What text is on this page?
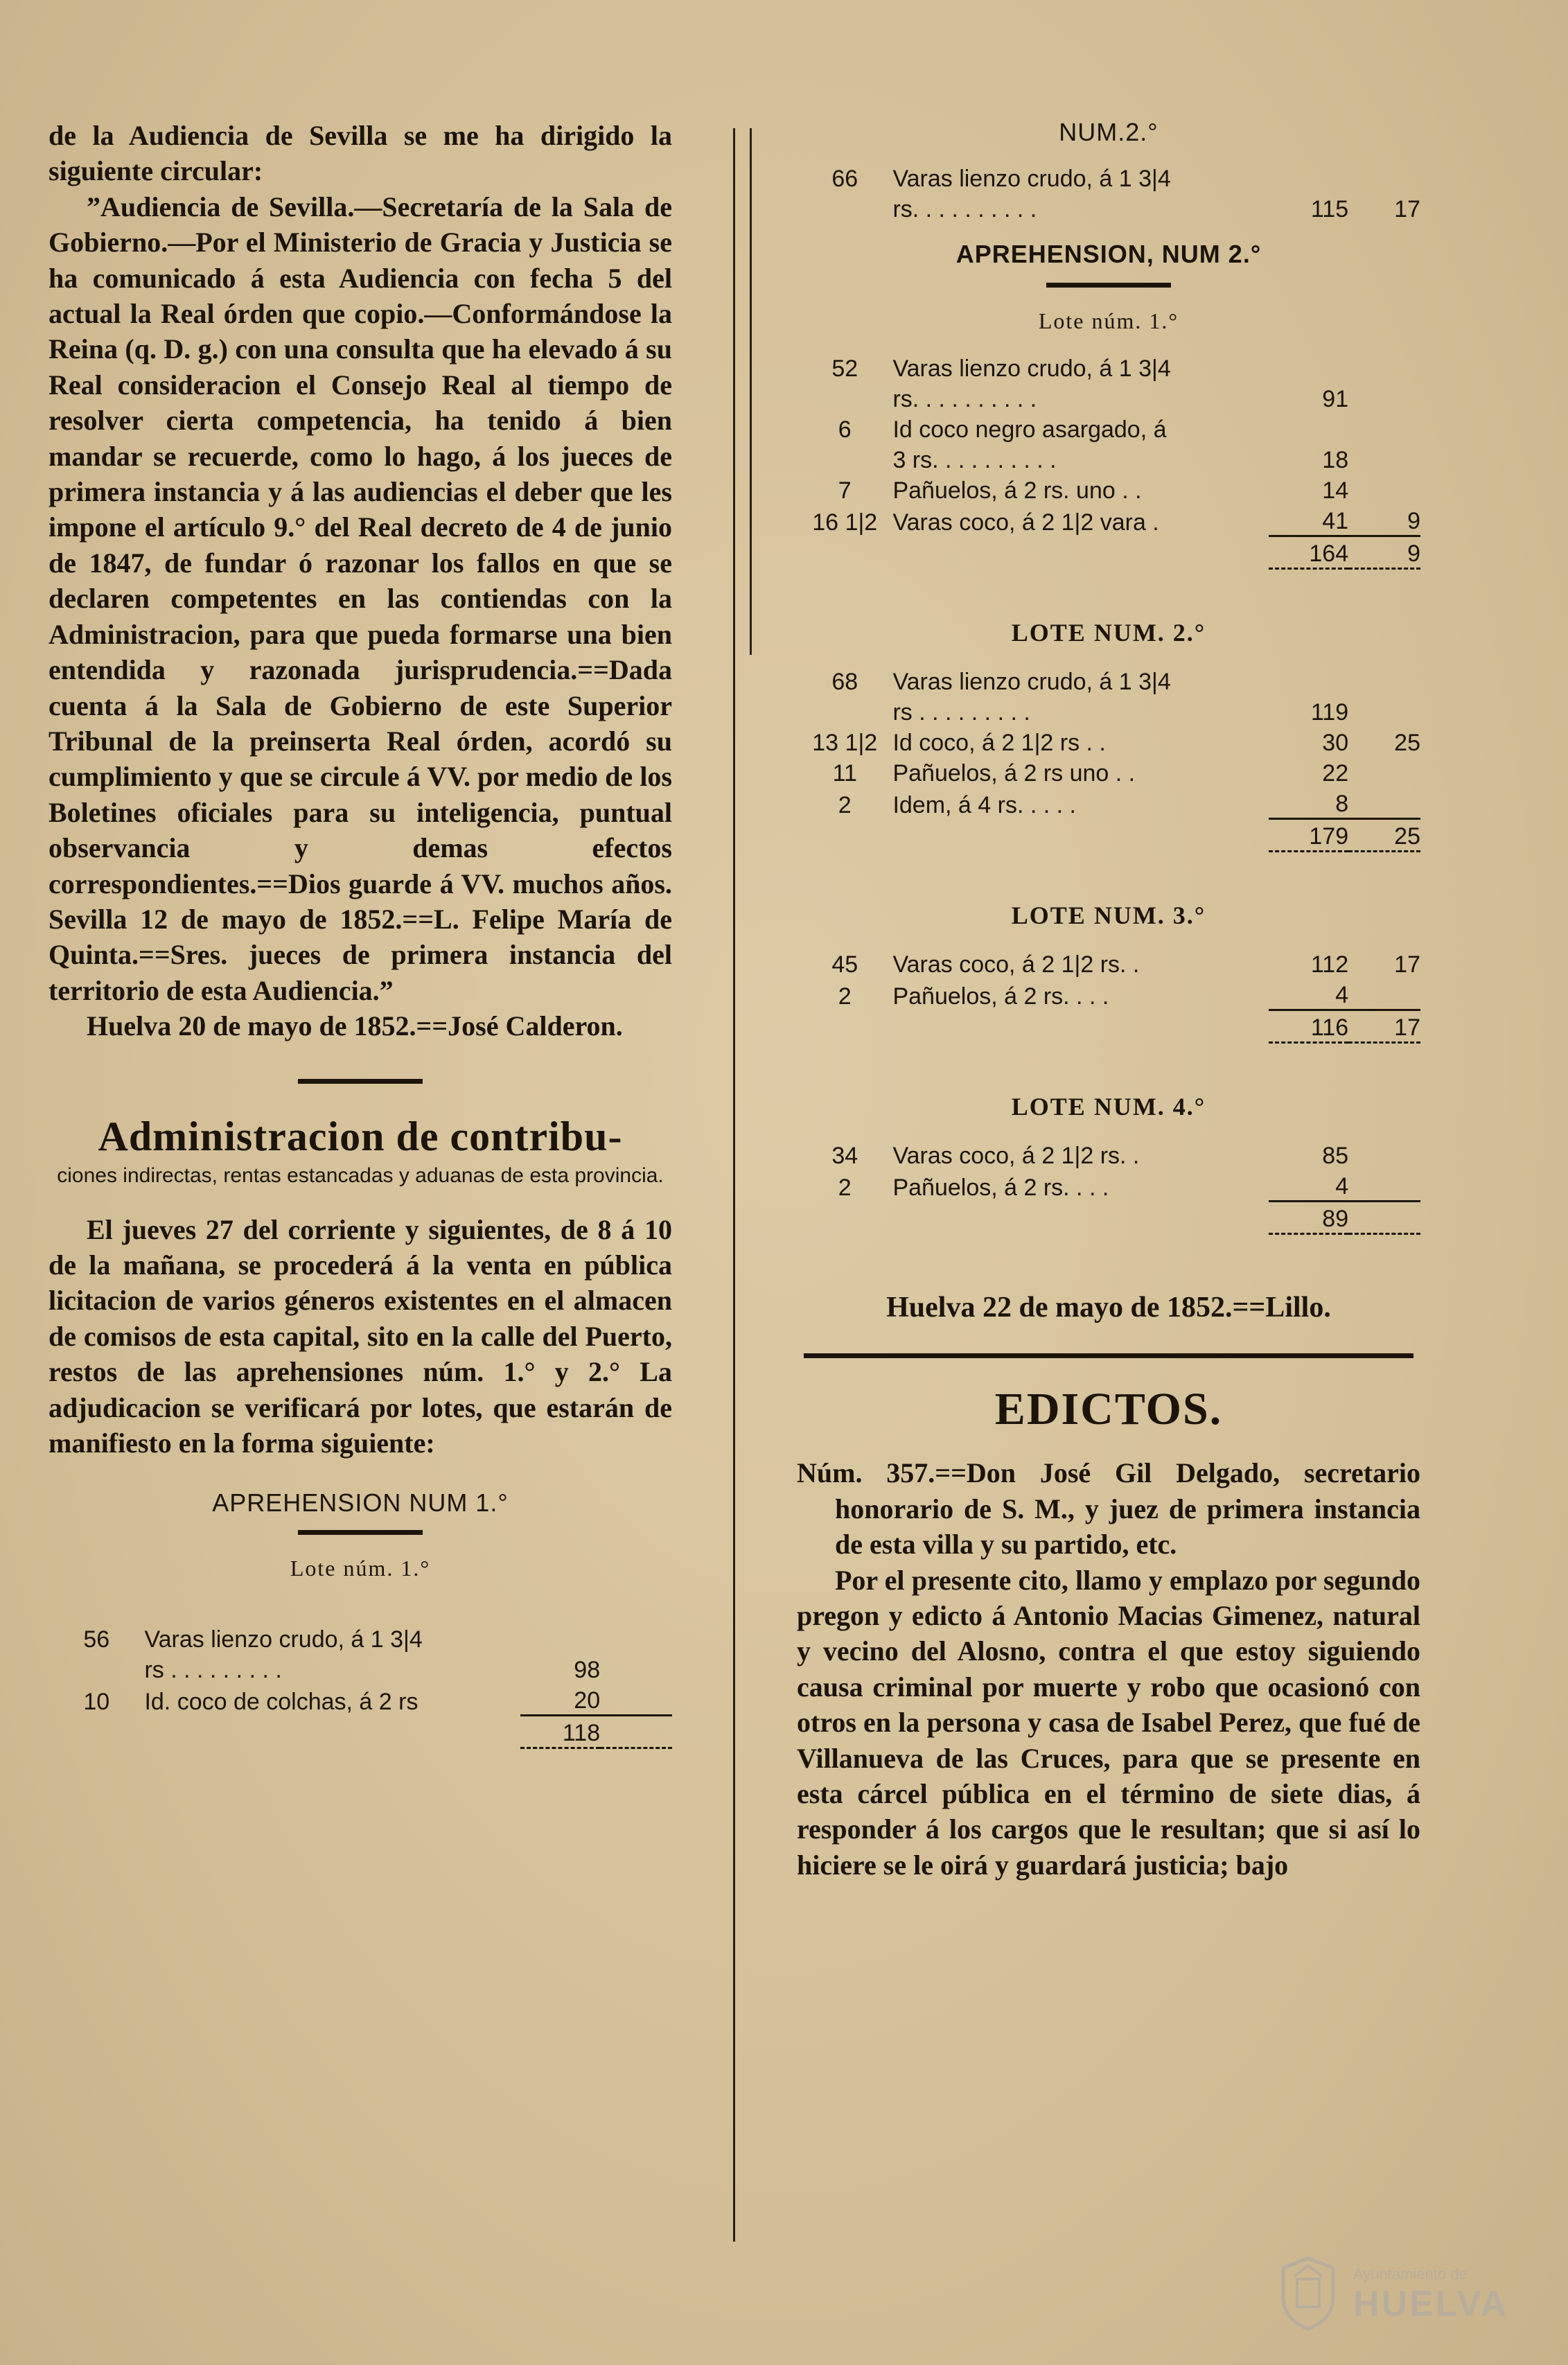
de la Audiencia de Sevilla se me ha dirigido la siguiente circular:

”Audiencia de Sevilla.—Secretaría de la Sala de Gobierno.—Por el Ministerio de Gracia y Justicia se ha comunicado á esta Audiencia con fecha 5 del actual la Real órden que copio.—Conformándose la Reina (q. D. g.) con una consulta que ha elevado á su Real consideracion el Consejo Real al tiempo de resolver cierta competencia, ha tenido á bien mandar se recuerde, como lo hago, á los jueces de primera instancia y á las audiencias el deber que les impone el artículo 9.° del Real decreto de 4 de junio de 1847, de fundar ó razonar los fallos en que se declaren competentes en las contiendas con la Administracion, para que pueda formarse una bien entendida y razonada jurisprudencia.==Dada cuenta á la Sala de Gobierno de este Superior Tribunal de la preinserta Real órden, acordó su cumplimiento y que se circule á VV. por medio de los Boletines oficiales para su inteligencia, puntual observancia y demas efectos correspondientes.==Dios guarde á VV. muchos años. Sevilla 12 de mayo de 1852.==L. Felipe María de Quinta.==Sres. jueces de primera instancia del territorio de esta Audiencia.”

Huelva 20 de mayo de 1852.==José Calderon.

Administracion de contribu-

ciones indirectas, rentas estancadas y aduanas de esta provincia.

El jueves 27 del corriente y siguientes, de 8 á 10 de la mañana, se procederá á la venta en pública licitacion de varios géneros existentes en el almacen de comisos de esta capital, sito en la calle del Puerto, restos de las aprehensiones núm. 1.° y 2.° La adjudicacion se verificará por lotes, que estarán de manifiesto en la forma siguiente:

APREHENSION NUM 1.°

Lote núm. 1.°

56	Varas lienzo crudo, á 1 3|4		
	rs . . . . . . . . .	98	
10	Id. coco de colchas, á 2 rs	20	
		118	

NUM.2.°

66	Varas lienzo crudo, á 1 3|4		
	rs. . . . . . . . . .	115	17

APREHENSION, NUM 2.°

Lote núm. 1.°

52	Varas lienzo crudo, á 1 3|4		
	rs. . . . . . . . . .	91	
6	Id coco negro asargado, á		
	3 rs. . . . . . . . . .	18	
7	Pañuelos, á 2 rs. uno . .	14	
16 1|2	Varas coco, á 2 1|2 vara .	41	9
		164	9

LOTE NUM. 2.°

68	Varas lienzo crudo, á 1 3|4		
	rs . . . . . . . . .	119	
13 1|2	Id coco, á 2 1|2 rs . .	30	25
11	Pañuelos, á 2 rs uno . .	22	
2	Idem, á 4 rs. . . . .	8	
		179	25

LOTE NUM. 3.°

45	Varas coco, á 2 1|2 rs. .	112	17
2	Pañuelos, á 2 rs. . . .	4	
		116	17

LOTE NUM. 4.°

34	Varas coco, á 2 1|2 rs. .	85	
2	Pañuelos, á 2 rs. . . .	4	
		89	

Huelva 22 de mayo de 1852.==Lillo.

EDICTOS.

Núm. 357.==Don José Gil Delgado, secretario honorario de S. M., y juez de primera instancia de esta villa y su partido, etc.

Por el presente cito, llamo y emplazo por segundo pregon y edicto á Antonio Macias Gimenez, natural y vecino del Alosno, contra el que estoy siguiendo causa criminal por muerte y robo que ocasionó con otros en la persona y casa de Isabel Perez, que fué de Villanueva de las Cruces, para que se presente en esta cárcel pública en el término de siete dias, á responder á los cargos que le resultan; que si así lo hiciere se le oirá y guardará justicia; bajo

Ayuntamiento de
HUELVA
